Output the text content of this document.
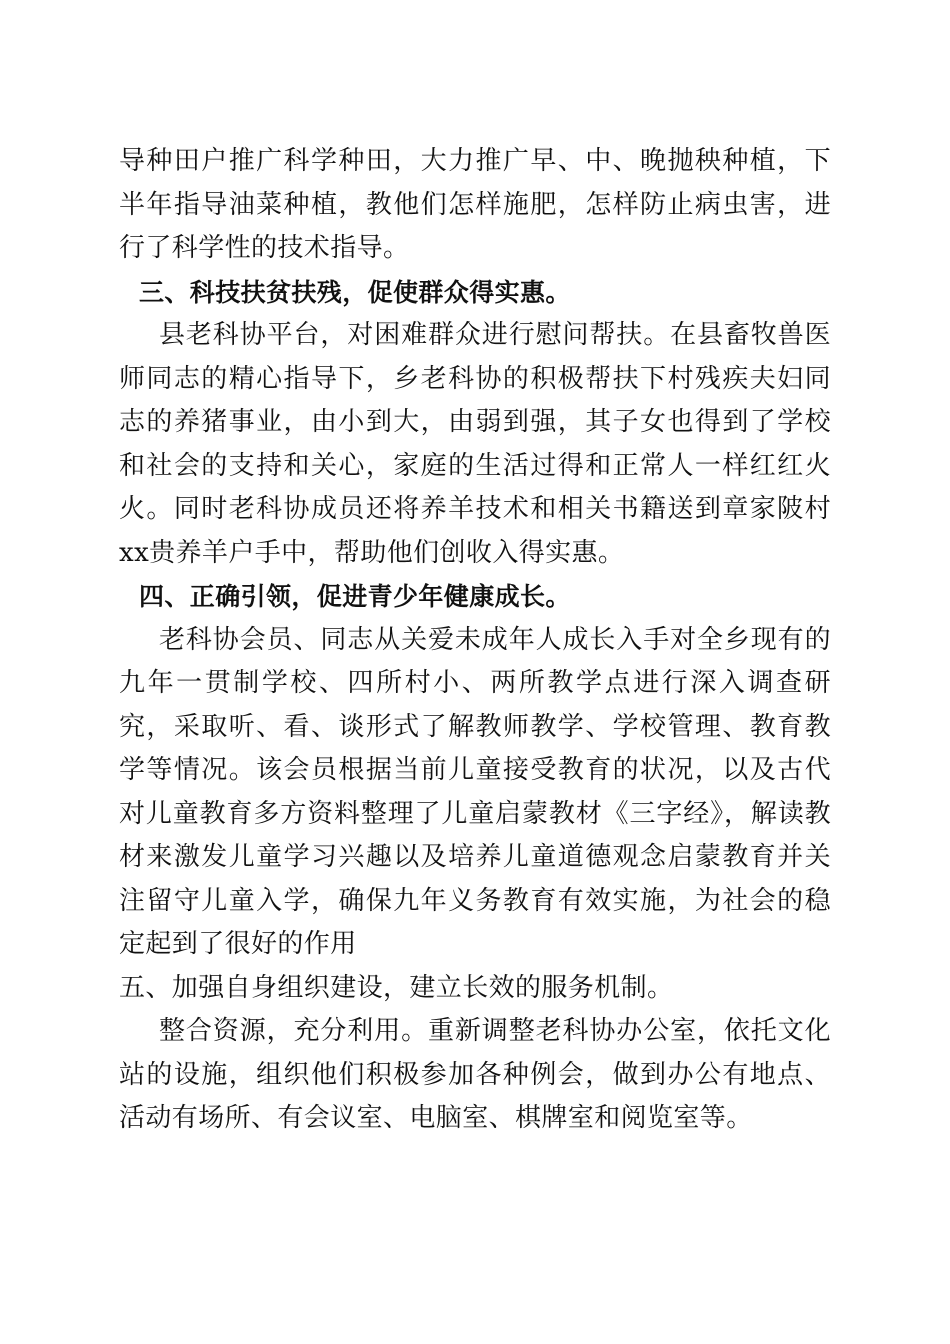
导种田户推广科学种田，大力推广早、中、晚抛秧种植，下半年指导油菜种植，教他们怎样施肥，怎样防止病虫害，进行了科学性的技术指导。

三、科技扶贫扶残，促使群众得实惠。

县老科协平台，对困难群众进行慰问帮扶。在县畜牧兽医师同志的精心指导下，乡老科协的积极帮扶下村残疾夫妇同志的养猪事业，由小到大，由弱到强，其子女也得到了学校和社会的支持和关心，家庭的生活过得和正常人一样红红火火。同时老科协成员还将养羊技术和相关书籍送到章家陂村xx贵养羊户手中，帮助他们创收入得实惠。

四、正确引领，促进青少年健康成长。

老科协会员、同志从关爱未成年人成长入手对全乡现有的九年一贯制学校、四所村小、两所教学点进行深入调查研究，采取听、看、谈形式了解教师教学、学校管理、教育教学等情况。该会员根据当前儿童接受教育的状况，以及古代对儿童教育多方资料整理了儿童启蒙教材《三字经》，解读教材来激发儿童学习兴趣以及培养儿童道德观念启蒙教育并关注留守儿童入学，确保九年义务教育有效实施，为社会的稳定起到了很好的作用

五、加强自身组织建设，建立长效的服务机制。

整合资源，充分利用。重新调整老科协办公室，依托文化站的设施，组织他们积极参加各种例会，做到办公有地点、活动有场所、有会议室、电脑室、棋牌室和阅览室等。
